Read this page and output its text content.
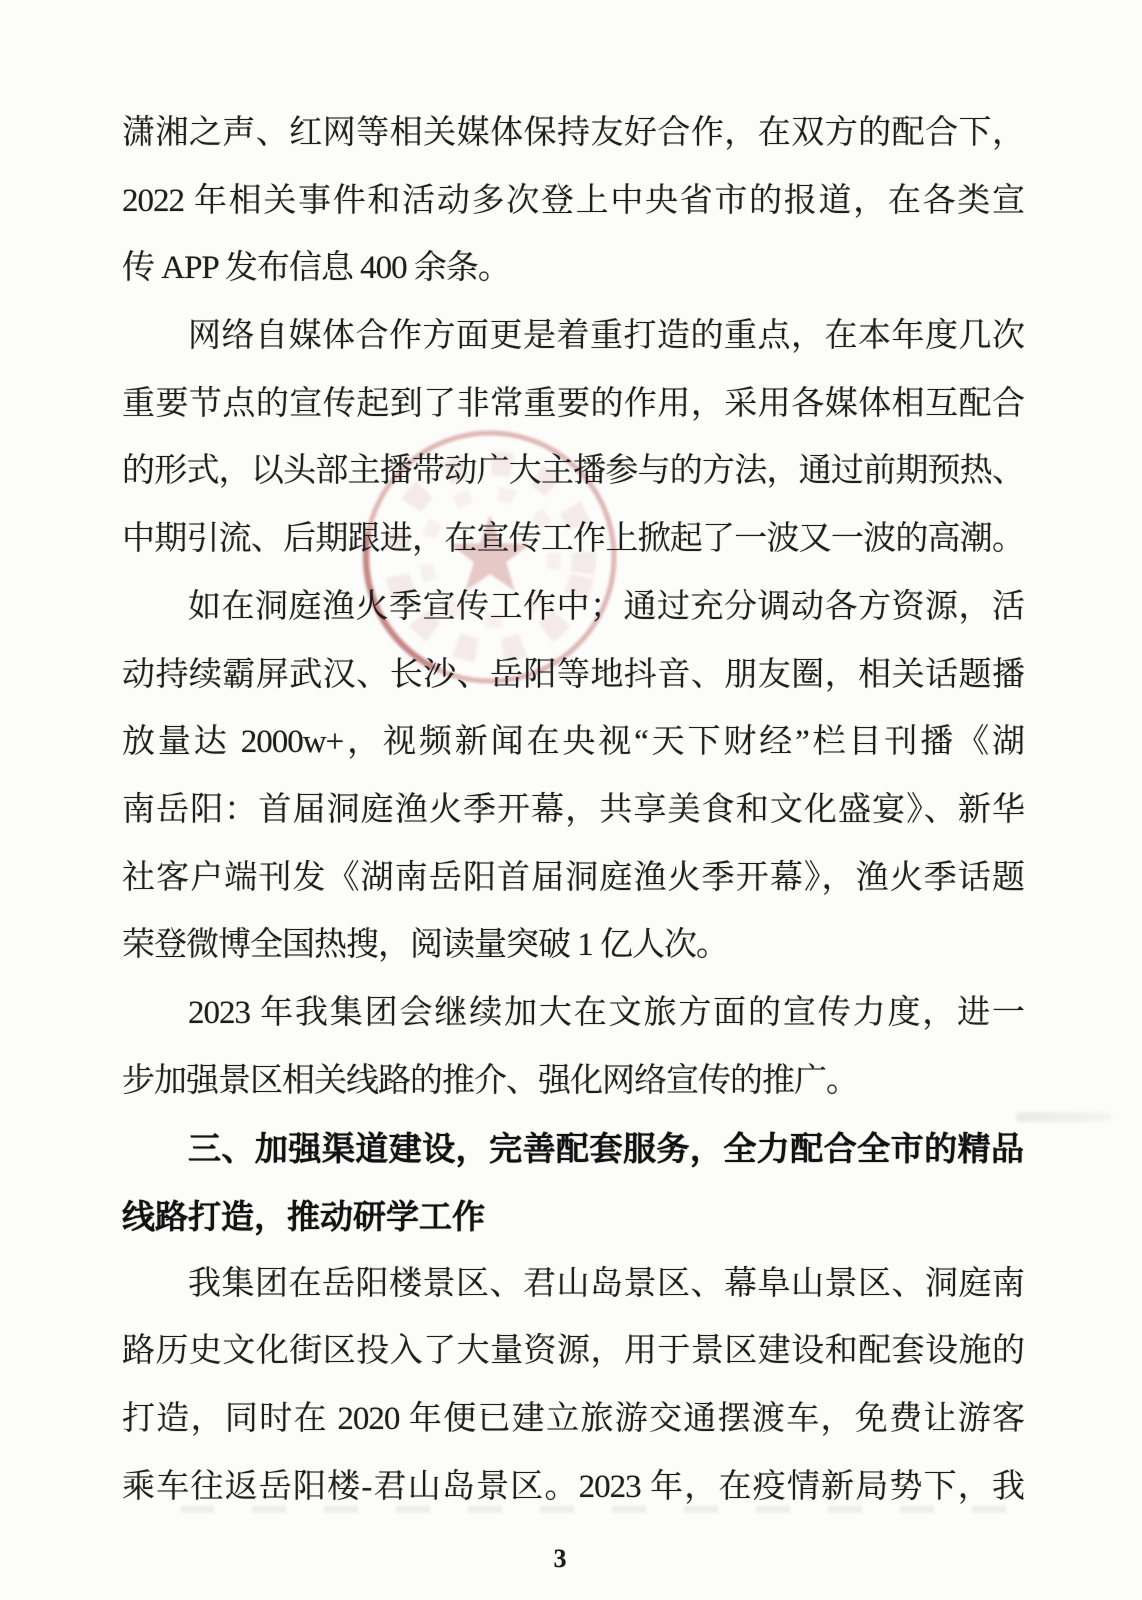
潇湘之声、红网等相关媒体保持友好合作，在双方的配合下，
2022 年相关事件和活动多次登上中央省市的报道，在各类宣
传 APP 发布信息 400 余条。
网络自媒体合作方面更是着重打造的重点，在本年度几次
重要节点的宣传起到了非常重要的作用，采用各媒体相互配合
的形式，以头部主播带动广大主播参与的方法，通过前期预热、
中期引流、后期跟进，在宣传工作上掀起了一波又一波的高潮。
如在洞庭渔火季宣传工作中；通过充分调动各方资源，活
动持续霸屏武汉、长沙、岳阳等地抖音、朋友圈，相关话题播
放量达 2000w+，视频新闻在央视“天下财经”栏目刊播《湖
南岳阳：首届洞庭渔火季开幕，共享美食和文化盛宴》、新华
社客户端刊发《湖南岳阳首届洞庭渔火季开幕》，渔火季话题
荣登微博全国热搜，阅读量突破 1 亿人次。
2023 年我集团会继续加大在文旅方面的宣传力度，进一
步加强景区相关线路的推介、强化网络宣传的推广。
三、加强渠道建设，完善配套服务，全力配合全市的精品
线路打造，推动研学工作
我集团在岳阳楼景区、君山岛景区、幕阜山景区、洞庭南
路历史文化街区投入了大量资源，用于景区建设和配套设施的
打造，同时在 2020 年便已建立旅游交通摆渡车，免费让游客
乘车往返岳阳楼-君山岛景区。2023 年，在疫情新局势下，我
3
